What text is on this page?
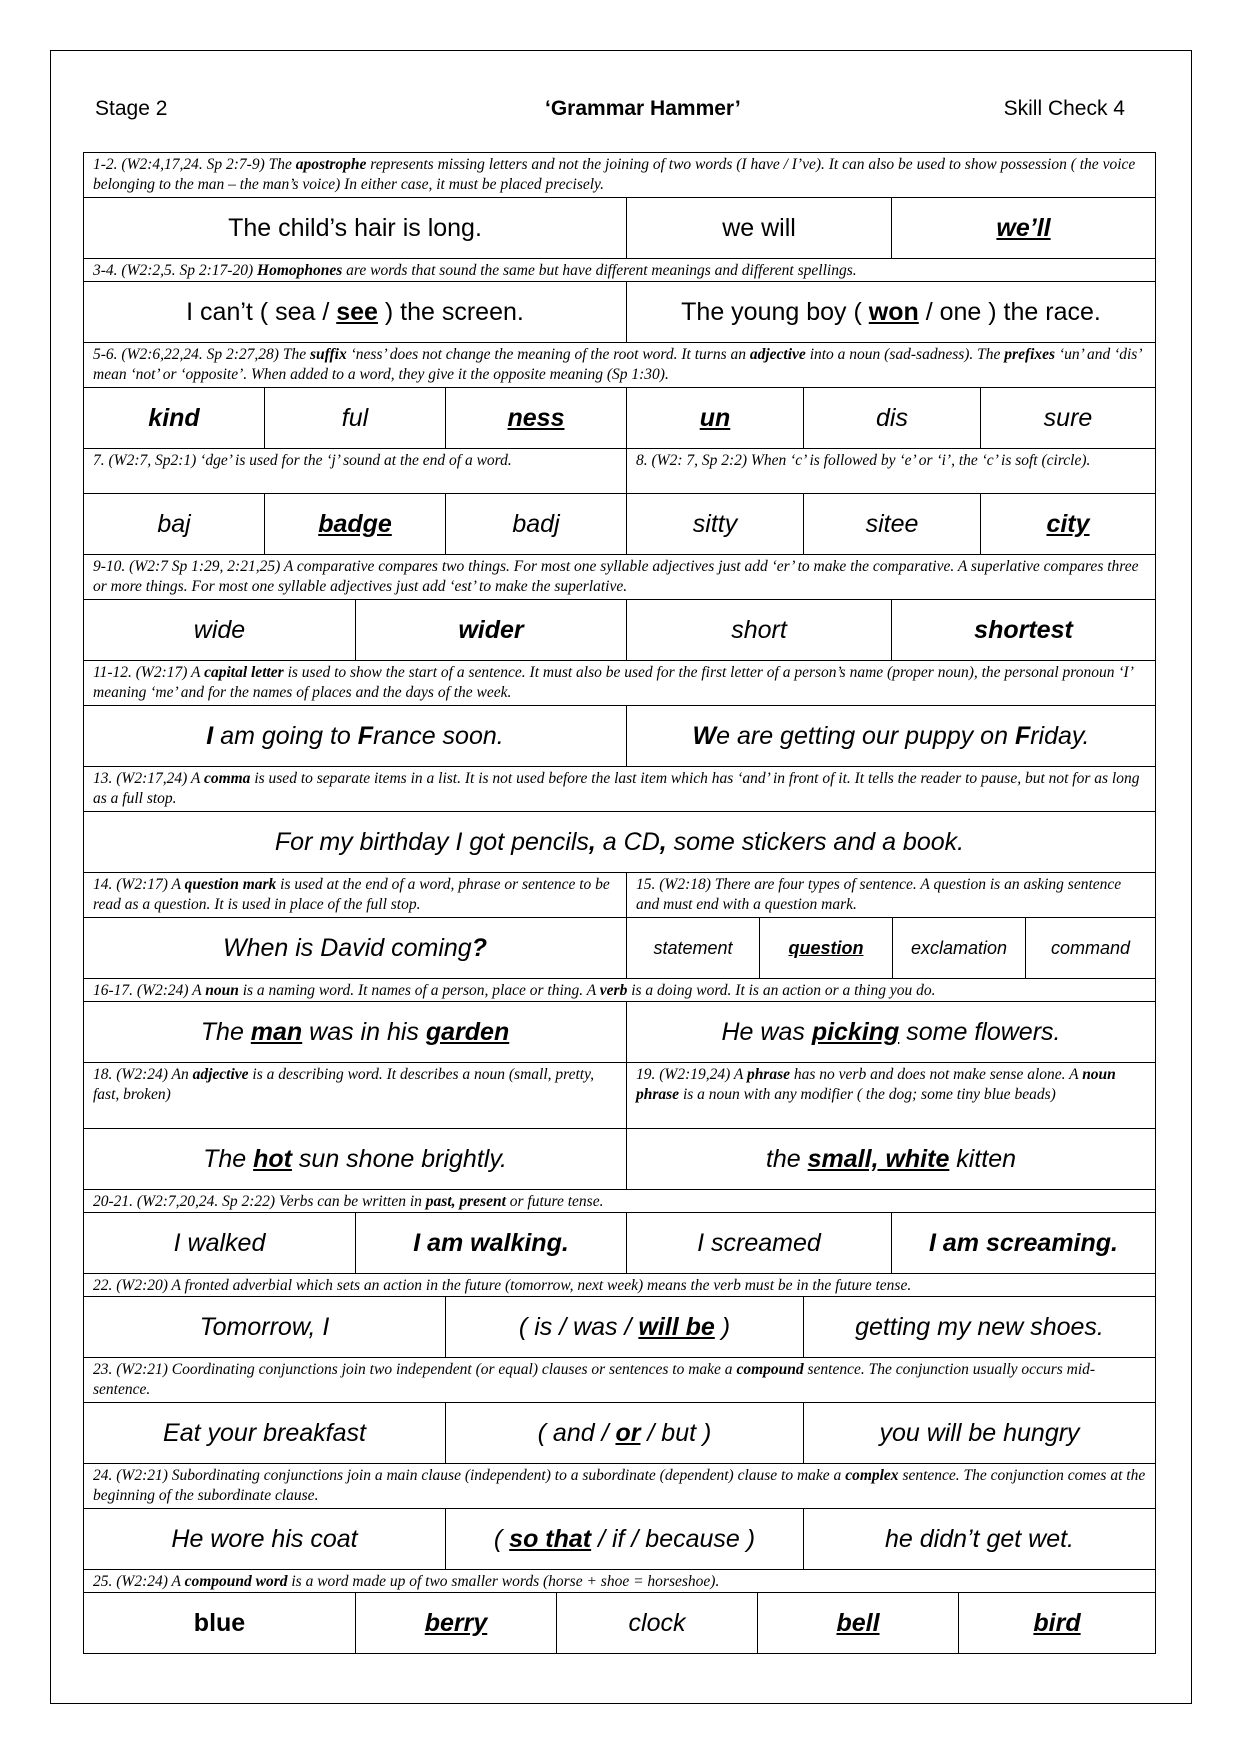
Stage 2	‘Grammar Hammer’	Skill Check 4
1-2. (W2:4,17,24. Sp 2:7-9) The apostrophe represents missing letters and not the joining of two words (I have / I’ve). It can also be used to show possession ( the voice belonging to the man – the man’s voice) In either case, it must be placed precisely.
The child’s hair is long.	we will	we’ll
3-4. (W2:2,5. Sp 2:17-20) Homophones are words that sound the same but have different meanings and different spellings.
I can’t ( sea / see ) the screen.	The young boy ( won / one ) the race.
5-6. (W2:6,22,24. Sp 2:27,28) The suffix ‘ness’ does not change the meaning of the root word. It turns an adjective into a noun (sad-sadness). The prefixes ‘un’ and ‘dis’ mean ‘not’ or ‘opposite’. When added to a word, they give it the opposite meaning (Sp 1:30).
kind	ful	ness	un	dis	sure
7. (W2:7, Sp2:1) ‘dge’ is used for the ‘j’ sound at the end of a word.	8. (W2: 7, Sp 2:2) When ‘c’ is followed by ‘e’ or ‘i’, the ‘c’ is soft (circle).
baj	badge	badj	sitty	sitee	city
9-10. (W2:7 Sp 1:29, 2:21,25) A comparative compares two things. For most one syllable adjectives just add ‘er’ to make the comparative. A superlative compares three or more things. For most one syllable adjectives just add ‘est’ to make the superlative.
wide	wider	short	shortest
11-12. (W2:17) A capital letter is used to show the start of a sentence. It must also be used for the first letter of a person’s name (proper noun), the personal pronoun ‘I’ meaning ‘me’ and for the names of places and the days of the week.
I am going to France soon.	We are getting our puppy on Friday.
13. (W2:17,24) A comma is used to separate items in a list. It is not used before the last item which has ‘and’ in front of it. It tells the reader to pause, but not for as long as a full stop.
For my birthday I got pencils, a CD, some stickers and a book.
14. (W2:17) A question mark is used at the end of a word, phrase or sentence to be read as a question. It is used in place of the full stop.
15. (W2:18) There are four types of sentence. A question is an asking sentence and must end with a question mark.
When is David coming?	statement	question	exclamation	command
16-17. (W2:24) A noun is a naming word. It names of a person, place or thing. A verb is a doing word. It is an action or a thing you do.
The man was in his garden	He was picking some flowers.
18. (W2:24) An adjective is a describing word. It describes a noun (small, pretty, fast, broken)
19. (W2:19,24) A phrase has no verb and does not make sense alone. A noun phrase is a noun with any modifier ( the dog; some tiny blue beads)
The hot sun shone brightly.	the small, white kitten
20-21. (W2:7,20,24. Sp 2:22) Verbs can be written in past, present or future tense.
I walked	I am walking.	I screamed	I am screaming.
22. (W2:20) A fronted adverbial which sets an action in the future (tomorrow, next week) means the verb must be in the future tense.
Tomorrow, I	( is / was / will be )	getting my new shoes.
23. (W2:21) Coordinating conjunctions join two independent (or equal) clauses or sentences to make a compound sentence. The conjunction usually occurs mid-sentence.
Eat your breakfast	( and / or / but )	you will be hungry
24. (W2:21) Subordinating conjunctions join a main clause (independent) to a subordinate (dependent) clause to make a complex sentence. The conjunction comes at the beginning of the subordinate clause.
He wore his coat	( so that / if / because )	he didn’t get wet.
25. (W2:24) A compound word is a word made up of two smaller words (horse + shoe = horseshoe).
blue	berry	clock	bell	bird
